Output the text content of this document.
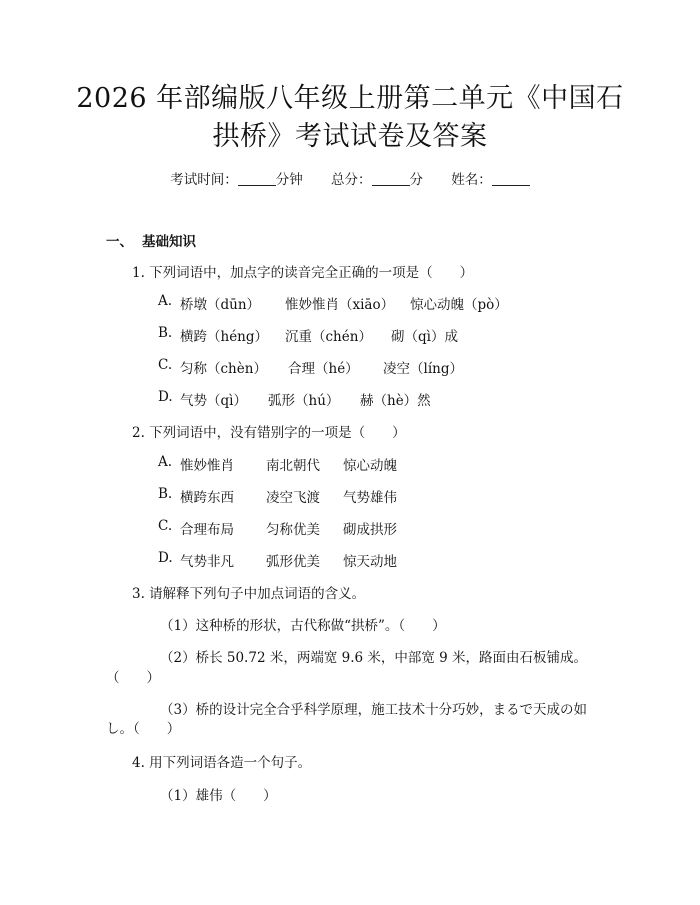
2026 年部编版八年级上册第二单元《中国石
拱桥》考试试卷及答案
考试时间：	分钟 总分：	分 姓名：
一、 基础知识
1. 下列词语中，加点字的读音完全正确的一项是（　　）
A. 桥墩（dūn）	惟妙惟肖（xiāo）	惊心动魄（pò）
B. 横跨（héng）	沉重（chén）	砌（qì）成
C. 匀称（chèn）	合理（hé）	凌空（líng）
D. 气势（qì）	弧形（hú）	赫（hè）然
2. 下列词语中，没有错别字的一项是（　　）
A. 惟妙惟肖	南北朝代	惊心动魄
B. 横跨东西	凌空飞渡	气势雄伟
C. 合理布局	匀称优美	砌成拱形
D. 气势非凡	弧形优美	惊天动地
3. 请解释下列句子中加点词语的含义。
（1）这种桥的形状，古代称做“拱桥”。（　　）
（2）桥长 50.72 米，两端宽 9.6 米，中部宽 9 米，路面由石板铺成。
（　　）
（3）桥的设计完全合乎科学原理，施工技术十分巧妙，まるで天成の如
し。（　　）
4. 用下列词语各造一个句子。
（1）雄伟（　　）
